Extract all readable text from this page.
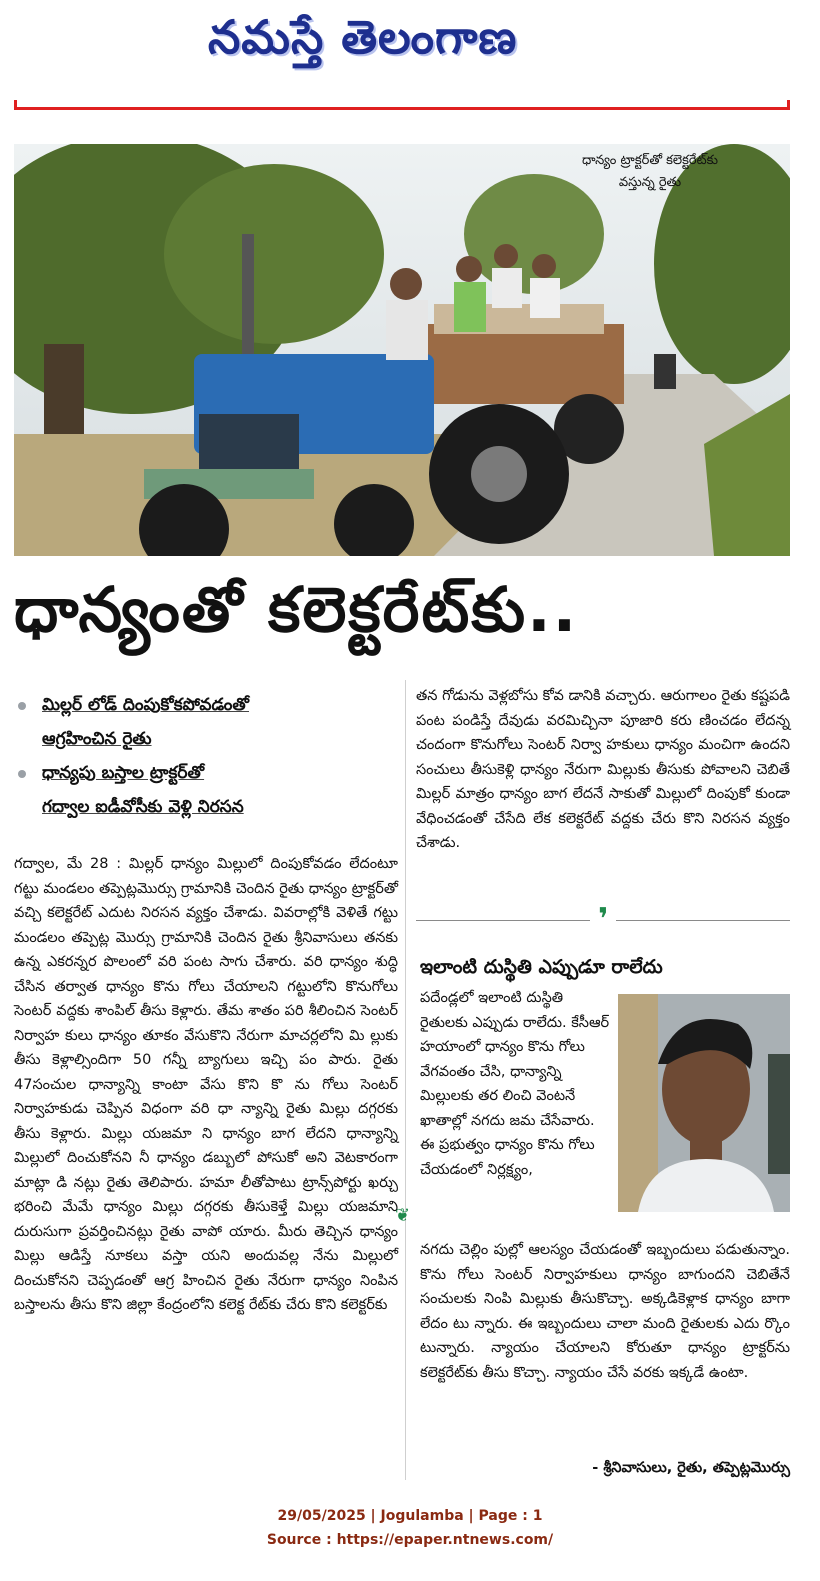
నమస్తే తెలంగాణ
ధాన్యం ట్రాక్టర్‌తో కలెక్టరేట్‌కు వస్తున్న రైతు
ధాన్యంతో కలెక్టరేట్‌కు..
మిల్లర్ లోడ్ దింపుకోకపోవడంతో
ఆగ్రహించిన రైతు
ధాన్యపు బస్తాల ట్రాక్టర్‌తో
గద్వాల ఐడీవోసీకు వెళ్లి నిరసన
గద్వాల, మే 28 : మిల్లర్ ధాన్యం మిల్లులో దింపుకోవడం లేదంటూ గట్టు మండలం తప్పెట్లమొర్సు గ్రామానికి చెందిన రైతు ధాన్యం ట్రాక్టర్‌తో వచ్చి కలెక్టరేట్ ఎదుట నిరసన వ్యక్తం చేశాడు. వివరాల్లోకి వెళితే గట్టు మండలం తప్పెట్ల మొర్సు గ్రామానికి చెందిన రైతు శ్రీనివాసులు తనకు ఉన్న ఎకరన్నర పొలంలో వరి పంట సాగు చేశారు. వరి ధాన్యం శుద్ధి చేసిన తర్వాత ధాన్యం కొను గోలు చేయాలని గట్టులోని కొనుగోలు సెంటర్ వద్దకు శాంపిల్ తీసు కెళ్లారు. తేమ శాతం పరి శీలించిన సెంటర్ నిర్వాహ కులు ధాన్యం తూకం వేసుకొని నేరుగా మాచర్లలోని మి ల్లుకు తీసు కెళ్లాల్సిందిగా 50 గన్నీ బ్యాగులు ఇచ్చి పం పారు. రైతు 47సంచుల ధాన్యాన్ని కాంటా వేసు కొని కొ ను గోలు సెంటర్ నిర్వాహకుడు చెప్పిన విధంగా వరి ధా న్యాన్ని రైతు మిల్లు దగ్గరకు తీసు కెళ్లారు. మిల్లు యజమా ని ధాన్యం బాగ లేదని ధాన్యాన్ని మిల్లులో దించుకోనని నీ ధాన్యం డబ్బులో పోసుకో అని వెటకారంగా మాట్లా డి నట్లు రైతు తెలిపారు. హమా లీతోపాటు ట్రాన్స్‌పోర్టు ఖర్చు భరించి మేమే ధాన్యం మిల్లు దగ్గరకు తీసుకెళ్తే మిల్లు యజమాని దురుసుగా ప్రవర్తించినట్లు రైతు వాపో యారు. మీరు తెచ్చిన ధాన్యం మిల్లు ఆడిస్తే నూకలు వస్తా యని అందువల్ల నేను మిల్లులో దించుకోనని చెప్పడంతో ఆగ్ర హించిన రైతు నేరుగా ధాన్యం నింపిన బస్తాలను తీసు కొని జిల్లా కేంద్రంలోని కలెక్ట రేట్‌కు చేరు కొని కలెక్టర్‌కు
తన గోడును వెళ్లబోసు కోవ డానికి వచ్చారు. ఆరుగాలం రైతు కష్టపడి పంట పండిస్తే దేవుడు వరమిచ్చినా పూజారి కరు ణించడం లేదన్న చందంగా కొనుగోలు సెంటర్ నిర్వా హకులు ధాన్యం మంచిగా ఉందని సంచులు తీసుకెళ్లి ధాన్యం నేరుగా మిల్లుకు తీసుకు పోవాలని చెబితే మిల్లర్ మాత్రం ధాన్యం బాగ లేదనే సాకుతో మిల్లులో దింపుకో కుండా వేధించడంతో చేసేది లేక కలెక్టరేట్ వద్దకు చేరు కొని నిరసన వ్యక్తం చేశాడు.
❜
ఇలాంటి దుస్థితి ఎప్పుడూ రాలేదు
పదేండ్లలో ఇలాంటి దుస్థితి రైతులకు ఎప్పుడు రాలేదు. కేసీఆర్ హయాంలో ధాన్యం కొను గోలు వేగవంతం చేసి, ధాన్యాన్ని మిల్లులకు తర లించి వెంటనే ఖాతాల్లో నగదు జమ చేసేవారు. ఈ ప్రభుత్వం ధాన్యం కొను గోలు చేయడంలో నిర్లక్ష్యం,
❦
నగదు చెల్లిం పుల్లో ఆలస్యం చేయడంతో ఇబ్బందులు పడుతున్నాం. కొను గోలు సెంటర్ నిర్వాహకులు ధాన్యం బాగుందని చెబితేనే సంచులకు నింపి మిల్లుకు తీసుకొచ్చా. అక్కడికెళ్లాక ధాన్యం బాగా లేదం టు న్నారు. ఈ ఇబ్బందులు చాలా మంది రైతులకు ఎదు ర్కొం టున్నారు. న్యాయం చేయాలని కోరుతూ ధాన్యం ట్రాక్టర్‌ను కలెక్టరేట్‌కు తీసు కొచ్చా. న్యాయం చేసే వరకు ఇక్కడే ఉంటా.
- శ్రీనివాసులు, రైతు, తప్పెట్లమొర్సు
29/05/2025 | Jogulamba | Page : 1
Source : https://epaper.ntnews.com/
